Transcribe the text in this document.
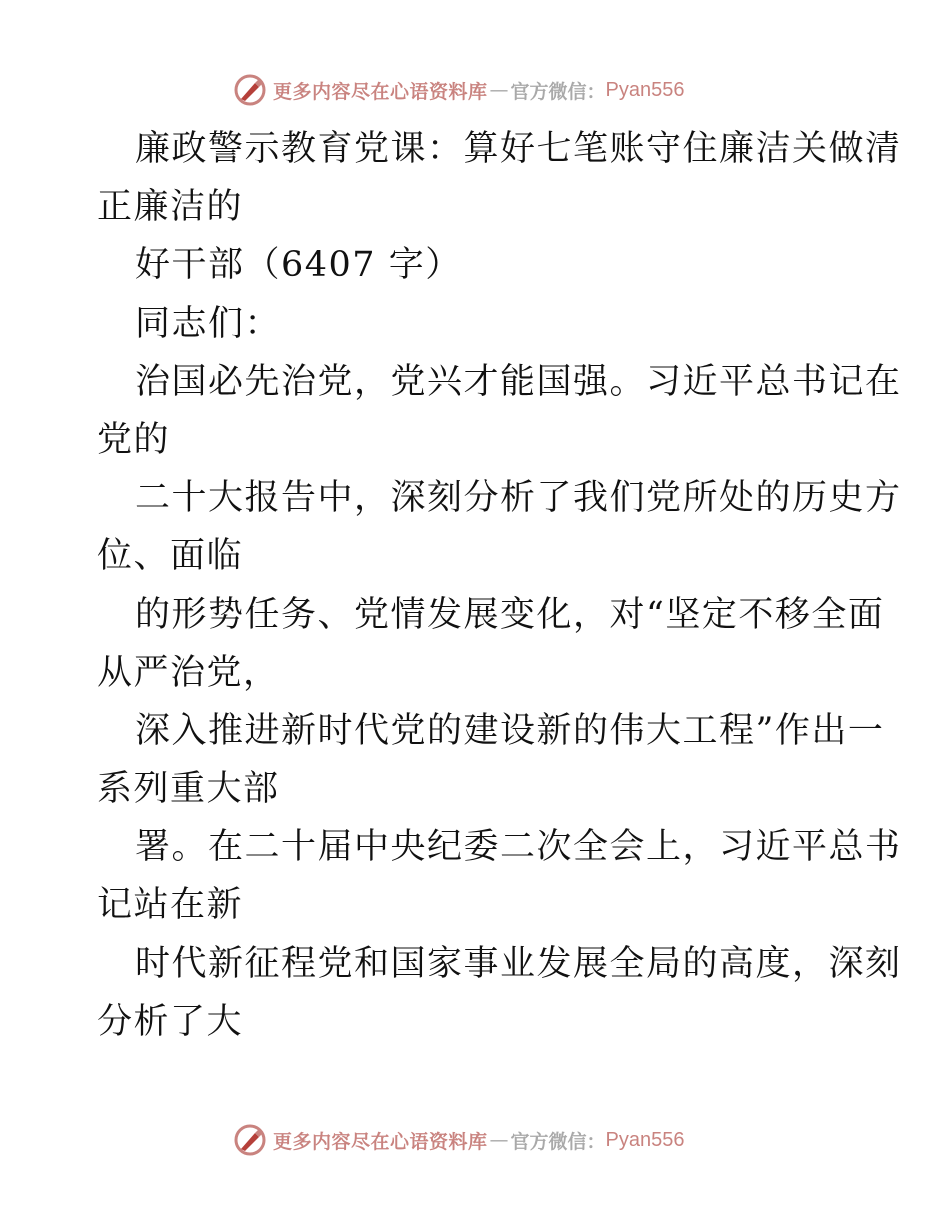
更多内容尽在心语资料库 — 官方微信： Pyan556
廉政警示教育党课：算好七笔账守住廉洁关做清
正廉洁的
好干部（6407 字）
同志们：
治国必先治党，党兴才能国强。习近平总书记在
党的
二十大报告中，深刻分析了我们党所处的历史方
位、面临
的形势任务、党情发展变化，对“坚定不移全面
从严治党，
深入推进新时代党的建设新的伟大工程”作出一
系列重大部
署。在二十届中央纪委二次全会上，习近平总书
记站在新
时代新征程党和国家事业发展全局的高度，深刻
分析了大
更多内容尽在心语资料库 — 官方微信： Pyan556
